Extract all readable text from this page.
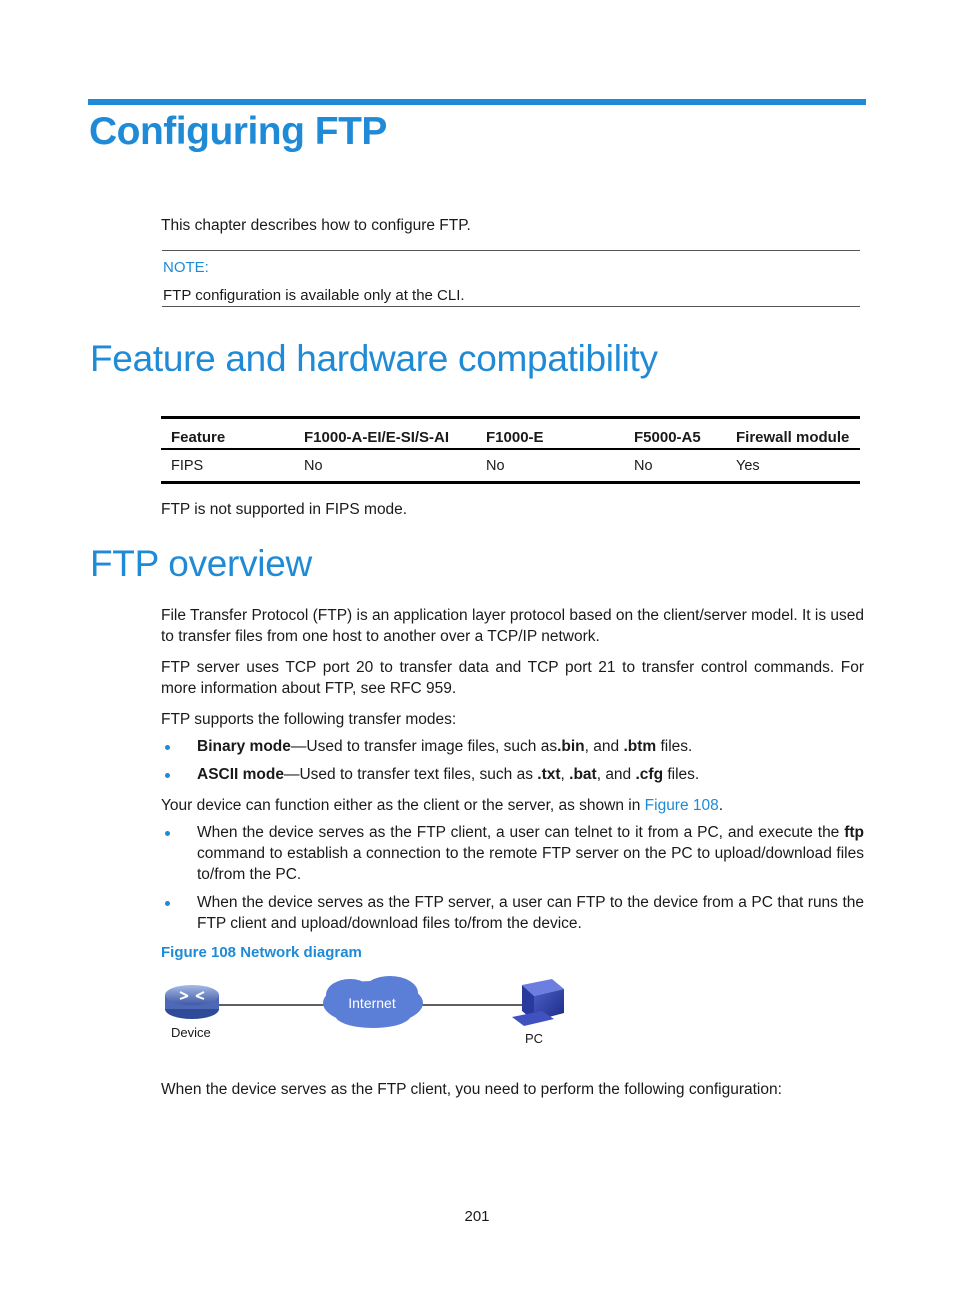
Configuring FTP
This chapter describes how to configure FTP.
NOTE:
FTP configuration is available only at the CLI.
Feature and hardware compatibility
Feature	F1000-A-EI/E-SI/S-AI	F1000-E	F5000-A5	Firewall module
FIPS	No	No	No	Yes
FTP is not supported in FIPS mode.
FTP overview
File Transfer Protocol (FTP) is an application layer protocol based on the client/server model. It is used to transfer files from one host to another over a TCP/IP network.
FTP server uses TCP port 20 to transfer data and TCP port 21 to transfer control commands. For more information about FTP, see RFC 959.
FTP supports the following transfer modes:
Binary mode—Used to transfer image files, such as.bin, and .btm files.
ASCII mode—Used to transfer text files, such as .txt, .bat, and .cfg files.
Your device can function either as the client or the server, as shown in Figure 108.
When the device serves as the FTP client, a user can telnet to it from a PC, and execute the ftp command to establish a connection to the remote FTP server on the PC to upload/download files to/from the PC.
When the device serves as the FTP server, a user can FTP to the device from a PC that runs the FTP client and upload/download files to/from the device.
Figure 108 Network diagram
Internet
Device	PC
When the device serves as the FTP client, you need to perform the following configuration:
201
